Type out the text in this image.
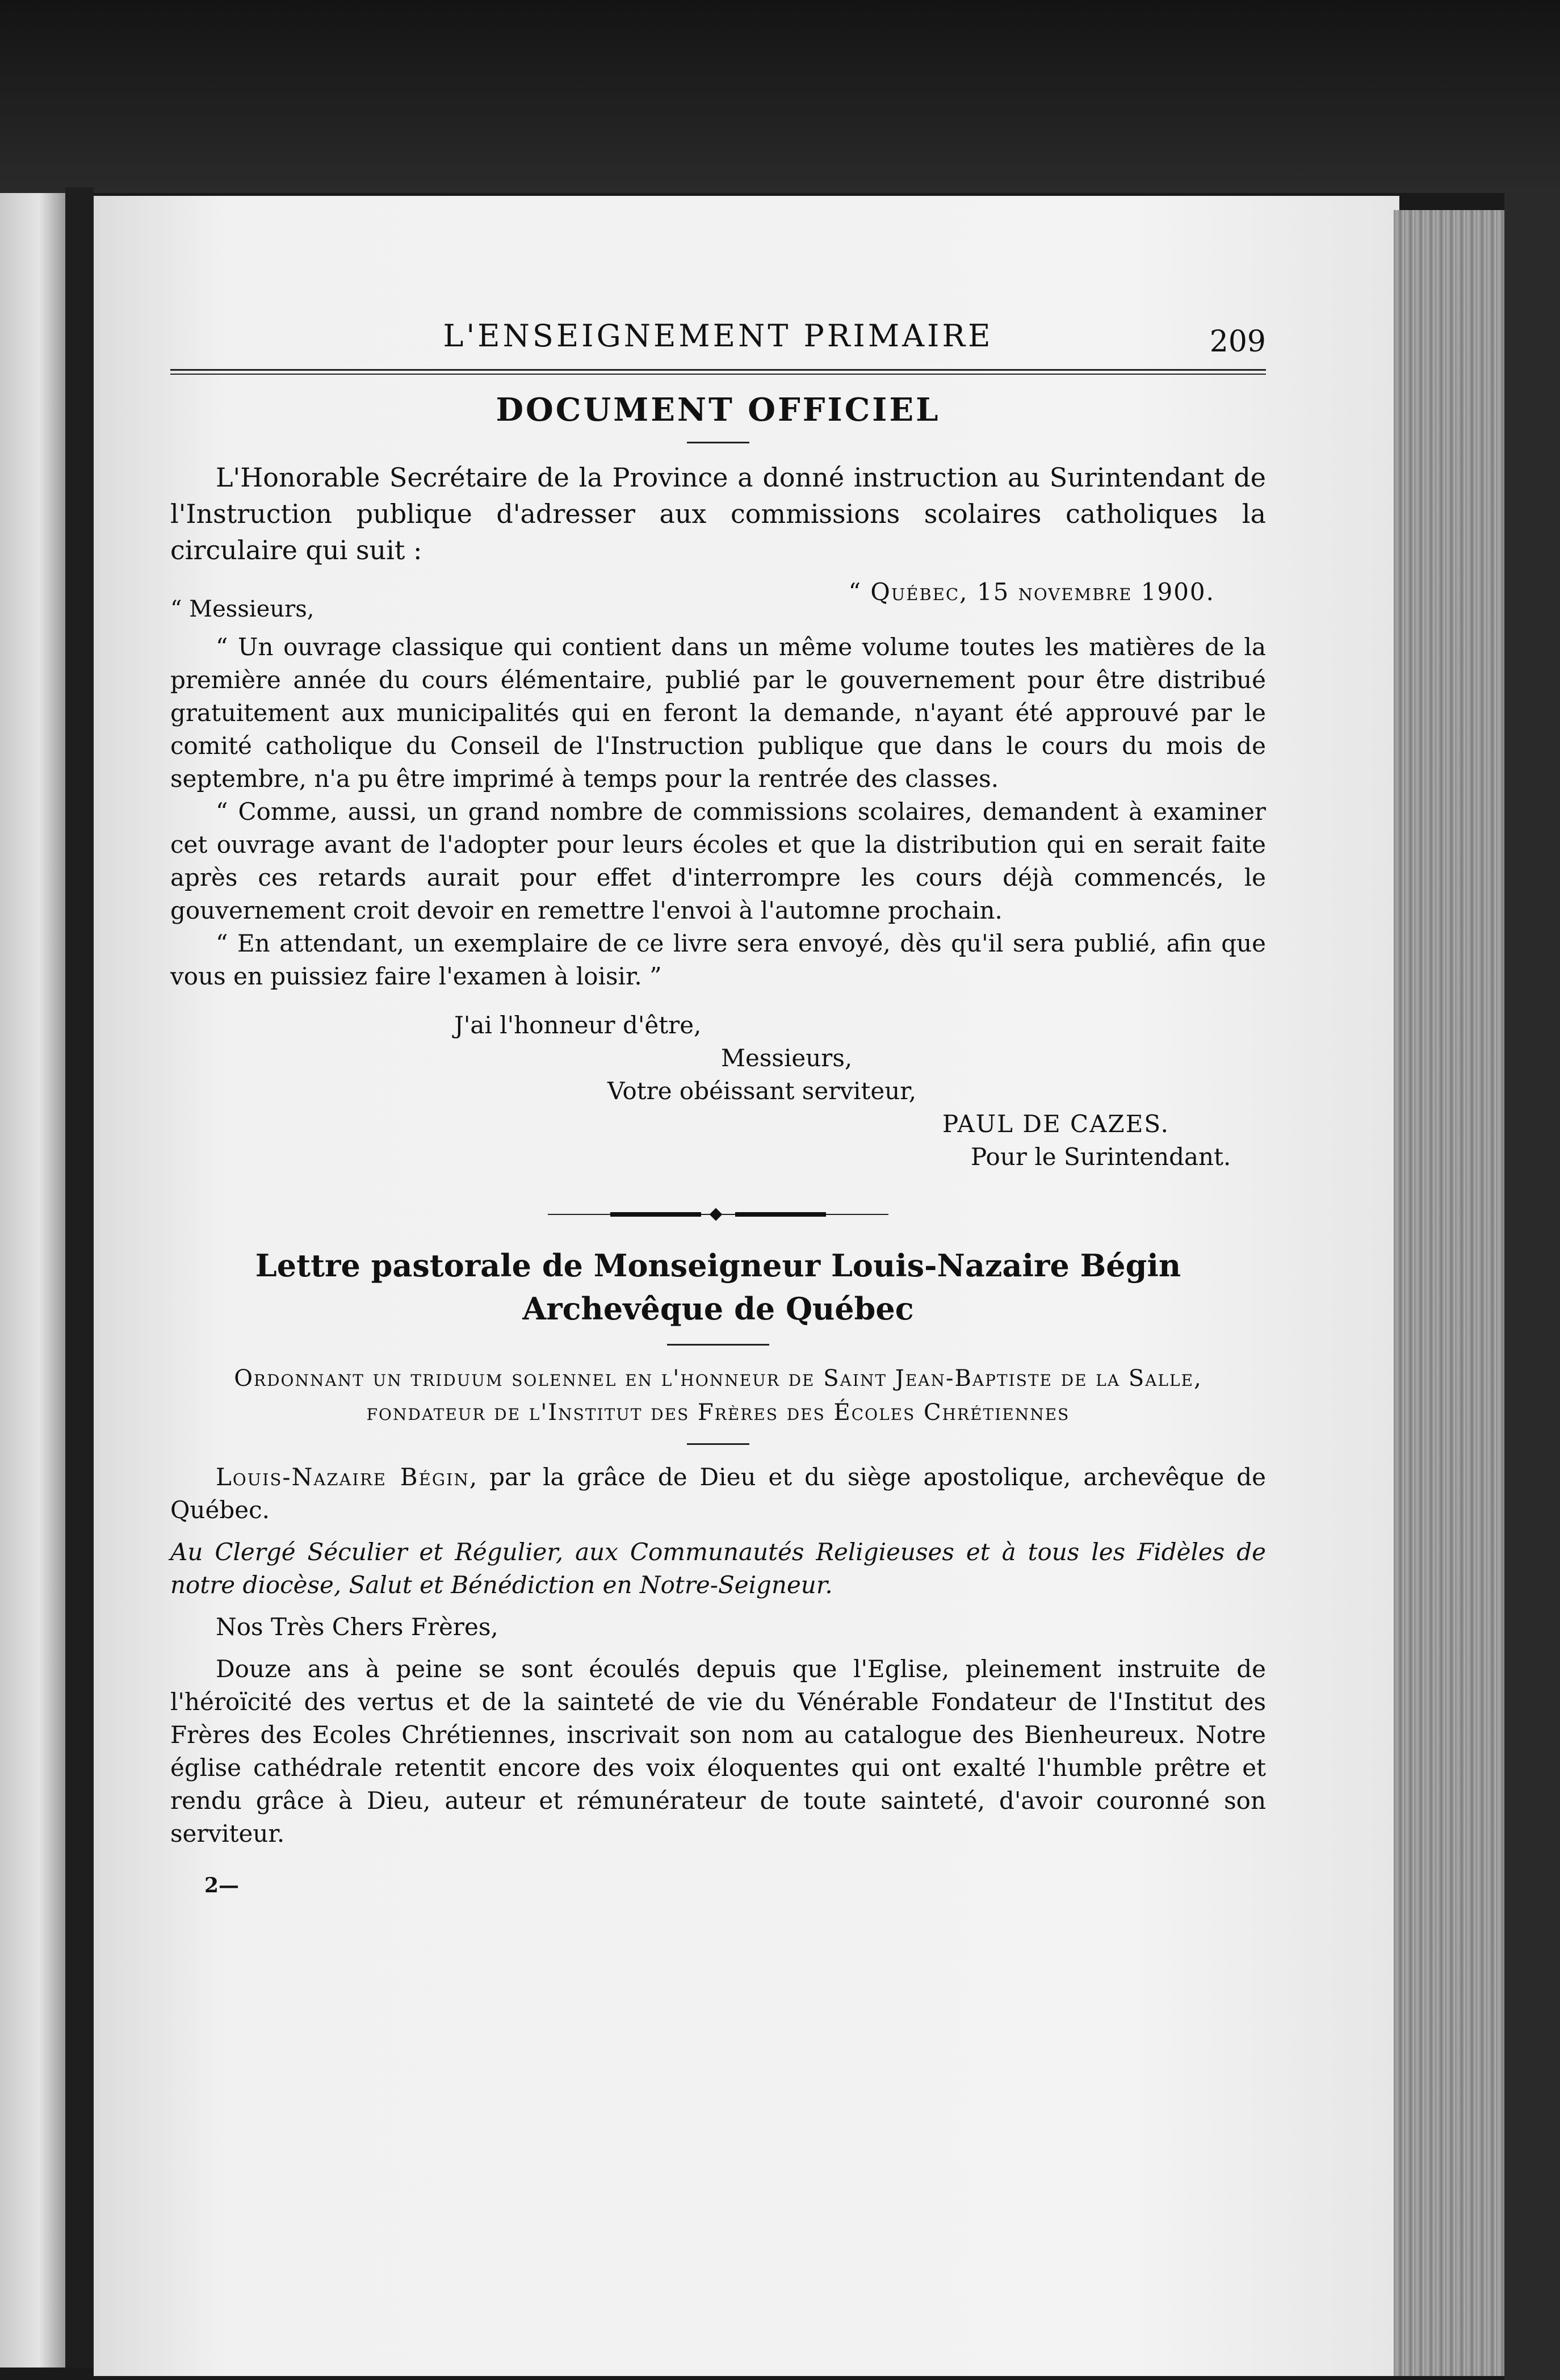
L'ENSEIGNEMENT PRIMAIRE	209
DOCUMENT OFFICIEL

L'Honorable Secrétaire de la Province a donné instruction au Surintendant de l'Instruction publique d'adresser aux commissions scolaires catholiques la circulaire qui suit :

“ Messieurs,
“ Québec, 15 novembre 1900.

“ Un ouvrage classique qui contient dans un même volume toutes les matières de la première année du cours élémentaire, publié par le gouvernement pour être distribué gratuitement aux municipalités qui en feront la demande, n'ayant été approuvé par le comité catholique du Conseil de l'Instruction publique que dans le cours du mois de septembre, n'a pu être imprimé à temps pour la rentrée des classes.

“ Comme, aussi, un grand nombre de commissions scolaires, demandent à examiner cet ouvrage avant de l'adopter pour leurs écoles et que la distribution qui en serait faite après ces retards aurait pour effet d'interrompre les cours déjà commencés, le gouvernement croit devoir en remettre l'envoi à l'automne prochain.

“ En attendant, un exemplaire de ce livre sera envoyé, dès qu'il sera publié, afin que vous en puissiez faire l'examen à loisir. ”

J'ai l'honneur d'être,
Messieurs,
Votre obéissant serviteur,
PAUL DE CAZES.
Pour le Surintendant.
Lettre pastorale de Monseigneur Louis-Nazaire Bégin
Archevêque de Québec
Ordonnant un triduum solennel en l'honneur de Saint Jean-Baptiste de la Salle, fondateur de l'Institut des Frères des Écoles Chrétiennes

Louis-Nazaire Bégin, par la grâce de Dieu et du siège apostolique, archevêque de Québec.

Au Clergé Séculier et Régulier, aux Communautés Religieuses et à tous les Fidèles de notre diocèse, Salut et Bénédiction en Notre-Seigneur.

Nos Très Chers Frères,

Douze ans à peine se sont écoulés depuis que l'Eglise, pleinement instruite de l'héroïcité des vertus et de la sainteté de vie du Vénérable Fondateur de l'Institut des Frères des Ecoles Chrétiennes, inscrivait son nom au catalogue des Bienheureux. Notre église cathédrale retentit encore des voix éloquentes qui ont exalté l'humble prêtre et rendu grâce à Dieu, auteur et rémunérateur de toute sainteté, d'avoir couronné son serviteur.

2—
